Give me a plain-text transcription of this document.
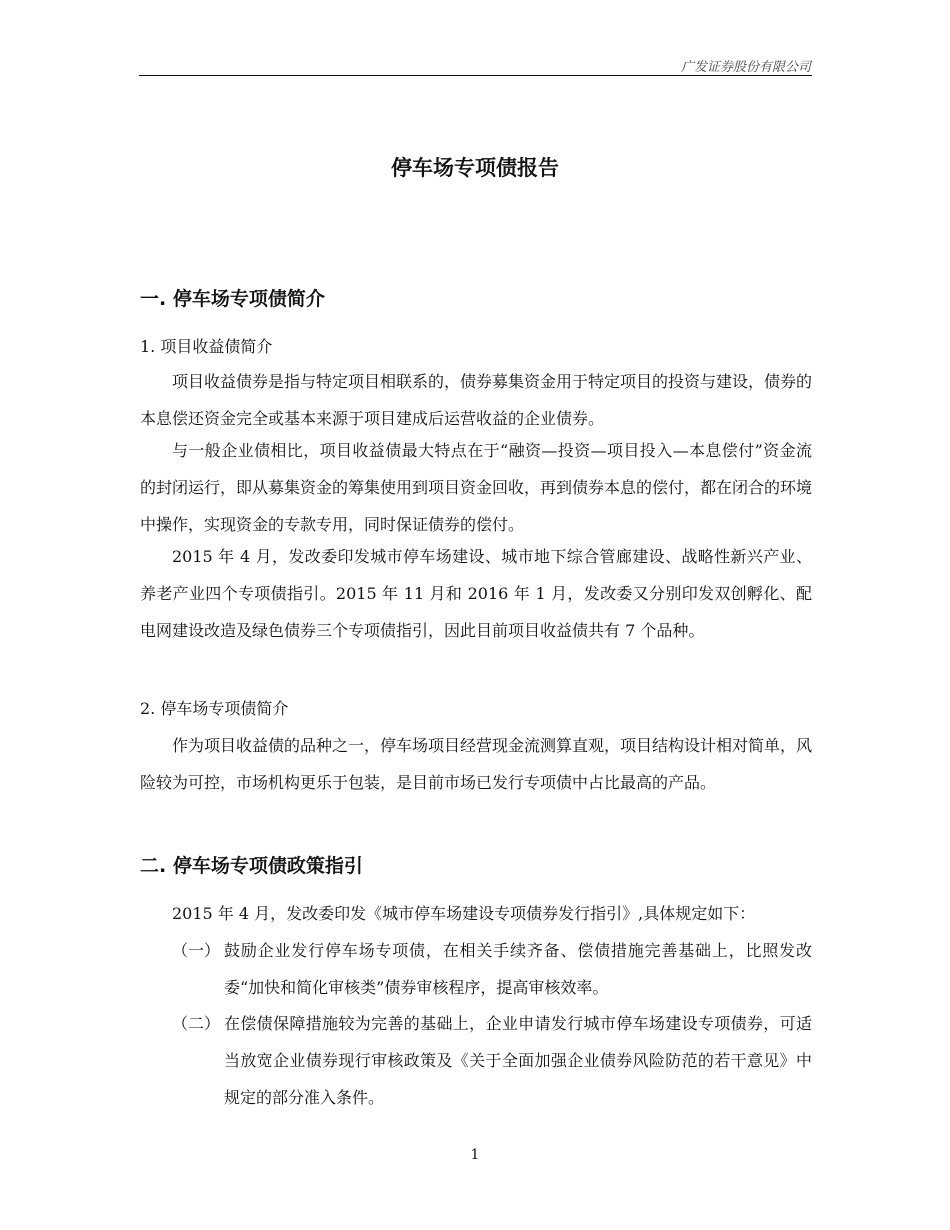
广发证券股份有限公司
停车场专项债报告
一. 停车场专项债简介
1. 项目收益债简介
项目收益债券是指与特定项目相联系的，债券募集资金用于特定项目的投资与建设，债券的本息偿还资金完全或基本来源于项目建成后运营收益的企业债券。
与一般企业债相比，项目收益债最大特点在于“融资—投资—项目投入—本息偿付”资金流的封闭运行，即从募集资金的筹集使用到项目资金回收，再到债券本息的偿付，都在闭合的环境中操作，实现资金的专款专用，同时保证债券的偿付。
2015 年 4 月，发改委印发城市停车场建设、城市地下综合管廊建设、战略性新兴产业、养老产业四个专项债指引。2015 年 11 月和 2016 年 1 月，发改委又分别印发双创孵化、配电网建设改造及绿色债券三个专项债指引，因此目前项目收益债共有 7 个品种。
2. 停车场专项债简介
作为项目收益债的品种之一，停车场项目经营现金流测算直观，项目结构设计相对简单，风险较为可控，市场机构更乐于包装，是目前市场已发行专项债中占比最高的产品。
二. 停车场专项债政策指引
2015 年 4 月，发改委印发《城市停车场建设专项债券发行指引》,具体规定如下：
（一） 鼓励企业发行停车场专项债，在相关手续齐备、偿债措施完善基础上，比照发改委“加快和简化审核类”债券审核程序，提高审核效率。
（二） 在偿债保障措施较为完善的基础上，企业申请发行城市停车场建设专项债券，可适当放宽企业债券现行审核政策及《关于全面加强企业债券风险防范的若干意见》中规定的部分准入条件。
1
